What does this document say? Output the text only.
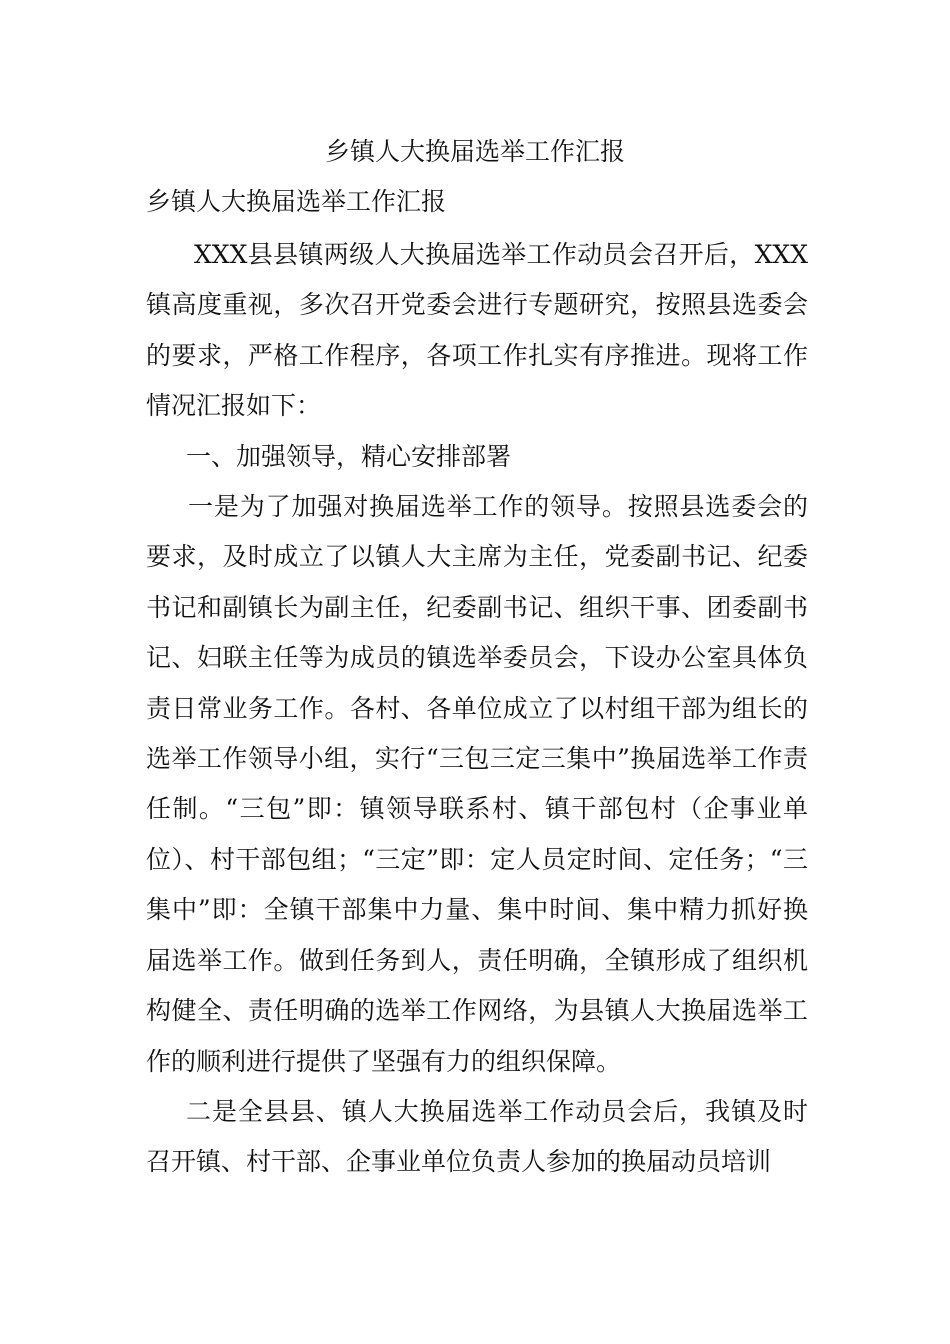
乡镇人大换届选举工作汇报
乡镇人大换届选举工作汇报

XXX县县镇两级人大换届选举工作动员会召开后，XXX镇高度重视，多次召开党委会进行专题研究，按照县选委会的要求，严格工作程序，各项工作扎实有序推进。现将工作情况汇报如下：

一、加强领导，精心安排部署

一是为了加强对换届选举工作的领导。按照县选委会的要求，及时成立了以镇人大主席为主任，党委副书记、纪委书记和副镇长为副主任，纪委副书记、组织干事、团委副书记、妇联主任等为成员的镇选举委员会，下设办公室具体负责日常业务工作。各村、各单位成立了以村组干部为组长的选举工作领导小组，实行“三包三定三集中”换届选举工作责任制。“三包”即：镇领导联系村、镇干部包村（企事业单位）、村干部包组；“三定”即：定人员定时间、定任务；“三集中”即：全镇干部集中力量、集中时间、集中精力抓好换届选举工作。做到任务到人，责任明确，全镇形成了组织机构健全、责任明确的选举工作网络，为县镇人大换届选举工作的顺利进行提供了坚强有力的组织保障。

二是全县县、镇人大换届选举工作动员会后，我镇及时召开镇、村干部、企事业单位负责人参加的换届动员培训
